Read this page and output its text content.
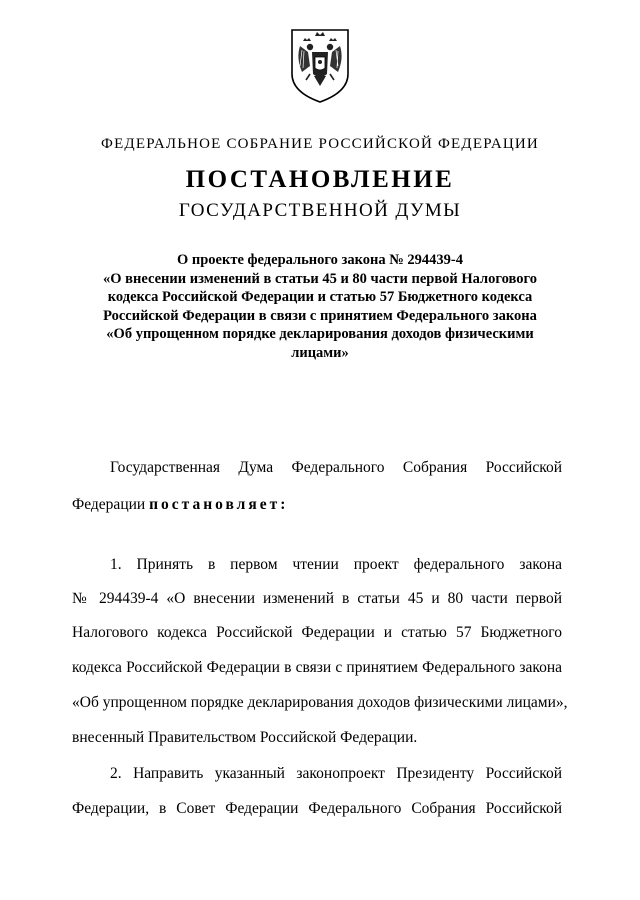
ФЕДЕРАЛЬНОЕ СОБРАНИЕ РОССИЙСКОЙ ФЕДЕРАЦИИ
ПОСТАНОВЛЕНИЕ
ГОСУДАРСТВЕННОЙ ДУМЫ
О проекте федерального закона № 294439-4
«О внесении изменений в статьи 45 и 80 части первой Налогового
кодекса Российской Федерации и статью 57 Бюджетного кодекса
Российской Федерации в связи с принятием Федерального закона
«Об упрощенном порядке декларирования доходов физическими
лицами»
Государственная Дума Федерального Собрания Российской
Федерации постановляет:
1. Принять в первом чтении проект федерального закона
№ 294439-4 «О внесении изменений в статьи 45 и 80 части первой
Налогового кодекса Российской Федерации и статью 57 Бюджетного
кодекса Российской Федерации в связи с принятием Федерального закона
«Об упрощенном порядке декларирования доходов физическими лицами»,
внесенный Правительством Российской Федерации.
2. Направить указанный законопроект Президенту Российской
Федерации, в Совет Федерации Федерального Собрания Российской
